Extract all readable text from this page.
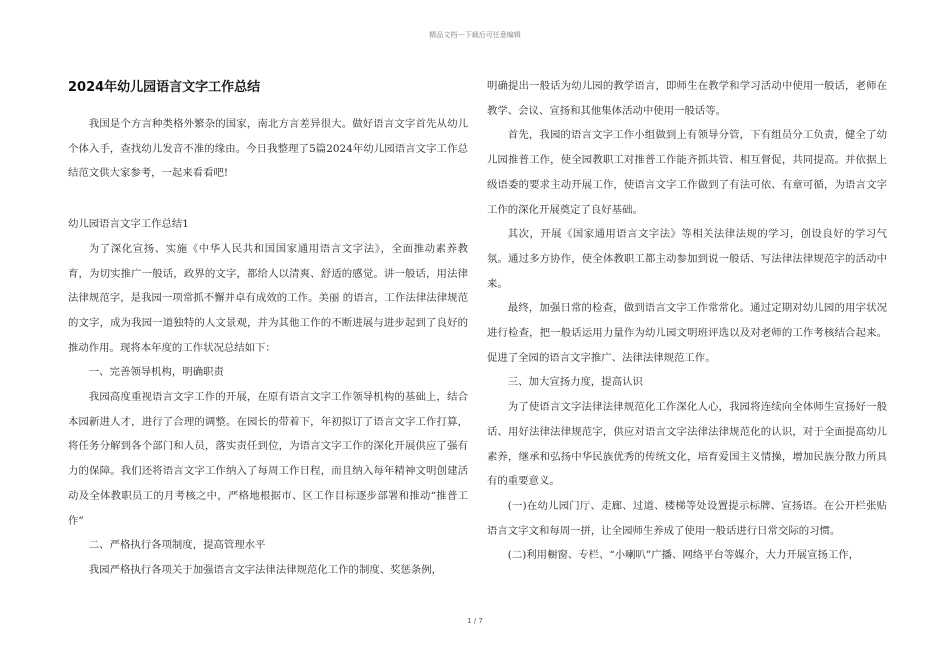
精品文档---下载后可任意编辑
2024年幼儿园语言文字工作总结

我国是个方言种类格外繁杂的国家，南北方言差异很大。做好语言文字首先从幼儿个体入手，查找幼儿发音不准的缘由。今日我整理了5篇2024年幼儿园语言文字工作总结范文供大家参考，一起来看看吧!

幼儿园语言文字工作总结1

为了深化宣扬、实施《中华人民共和国国家通用语言文字法》，全面推动素养教育，为切实推广一般话，政界的文字，都给人以清爽、舒适的感觉。讲一般话，用法律法律规范字，是我园一项常抓不懈并卓有成效的工作。美丽 的语言，工作法律法律规范的文字，成为我园一道独特的人文景观，并为其他工作的不断进展与进步起到了良好的推动作用。现将本年度的工作状况总结如下：

一、完善领导机构，明确职责

我园高度重视语言文字工作的开展，在原有语言文字工作领导机构的基础上，结合本园新进人才，进行了合理的调整。在园长的带着下，年初拟订了语言文字工作打算，将任务分解到各个部门和人员，落实责任到位，为语言文字工作的深化开展供应了强有力的保障。我们还将语言文字工作纳入了每周工作日程，而且纳入每年精神文明创建活动及全体教职员工的月考核之中，严格地根据市、区工作目标逐步部署和推动“推普工作”

二、严格执行各项制度，提高管理水平

我园严格执行各项关于加强语言文字法律法律规范化工作的制度、奖惩条例，

明确提出一般话为幼儿园的教学语言，即师生在教学和学习活动中使用一般话，老师在教学、会议、宣扬和其他集体活动中使用一般话等。

首先，我园的语言文字工作小组做到上有领导分管，下有组员分工负责，健全了幼儿园推普工作，使全园教职工对推普工作能齐抓共管、相互督促，共同提高。并依据上级语委的要求主动开展工作，使语言文字工作做到了有法可依、有章可循，为语言文字工作的深化开展奠定了良好基础。

其次，开展《国家通用语言文字法》等相关法律法规的学习，创设良好的学习气氛。通过多方协作，使全体教职工都主动参加到说一般话、写法律法律规范字的活动中来。

最终，加强日常的检查，做到语言文字工作常常化。通过定期对幼儿园的用字状况进行检查，把一般话运用力量作为幼儿园文明班评选以及对老师的工作考核结合起来。促进了全园的语言文字推广、法律法律规范工作。

三、加大宣扬力度，提高认识

为了使语言文字法律法律规范化工作深化人心，我园将连续向全体师生宣扬好一般话、用好法律法律规范字，供应对语言文字法律法律规范化的认识，对于全面提高幼儿素养，继承和弘扬中华民族优秀的传统文化，培育爱国主义情操，增加民族分散力所具有的重要意义。

(一)在幼儿园门厅、走廊、过道、楼梯等处设置提示标牌、宣扬语。在公开栏张贴语言文字文和每周一拼，让全园师生养成了使用一般话进行日常交际的习惯。

(二)利用橱窗、专栏、“小喇叭”广播、网络平台等媒介，大力开展宣扬工作，

1 / 7
